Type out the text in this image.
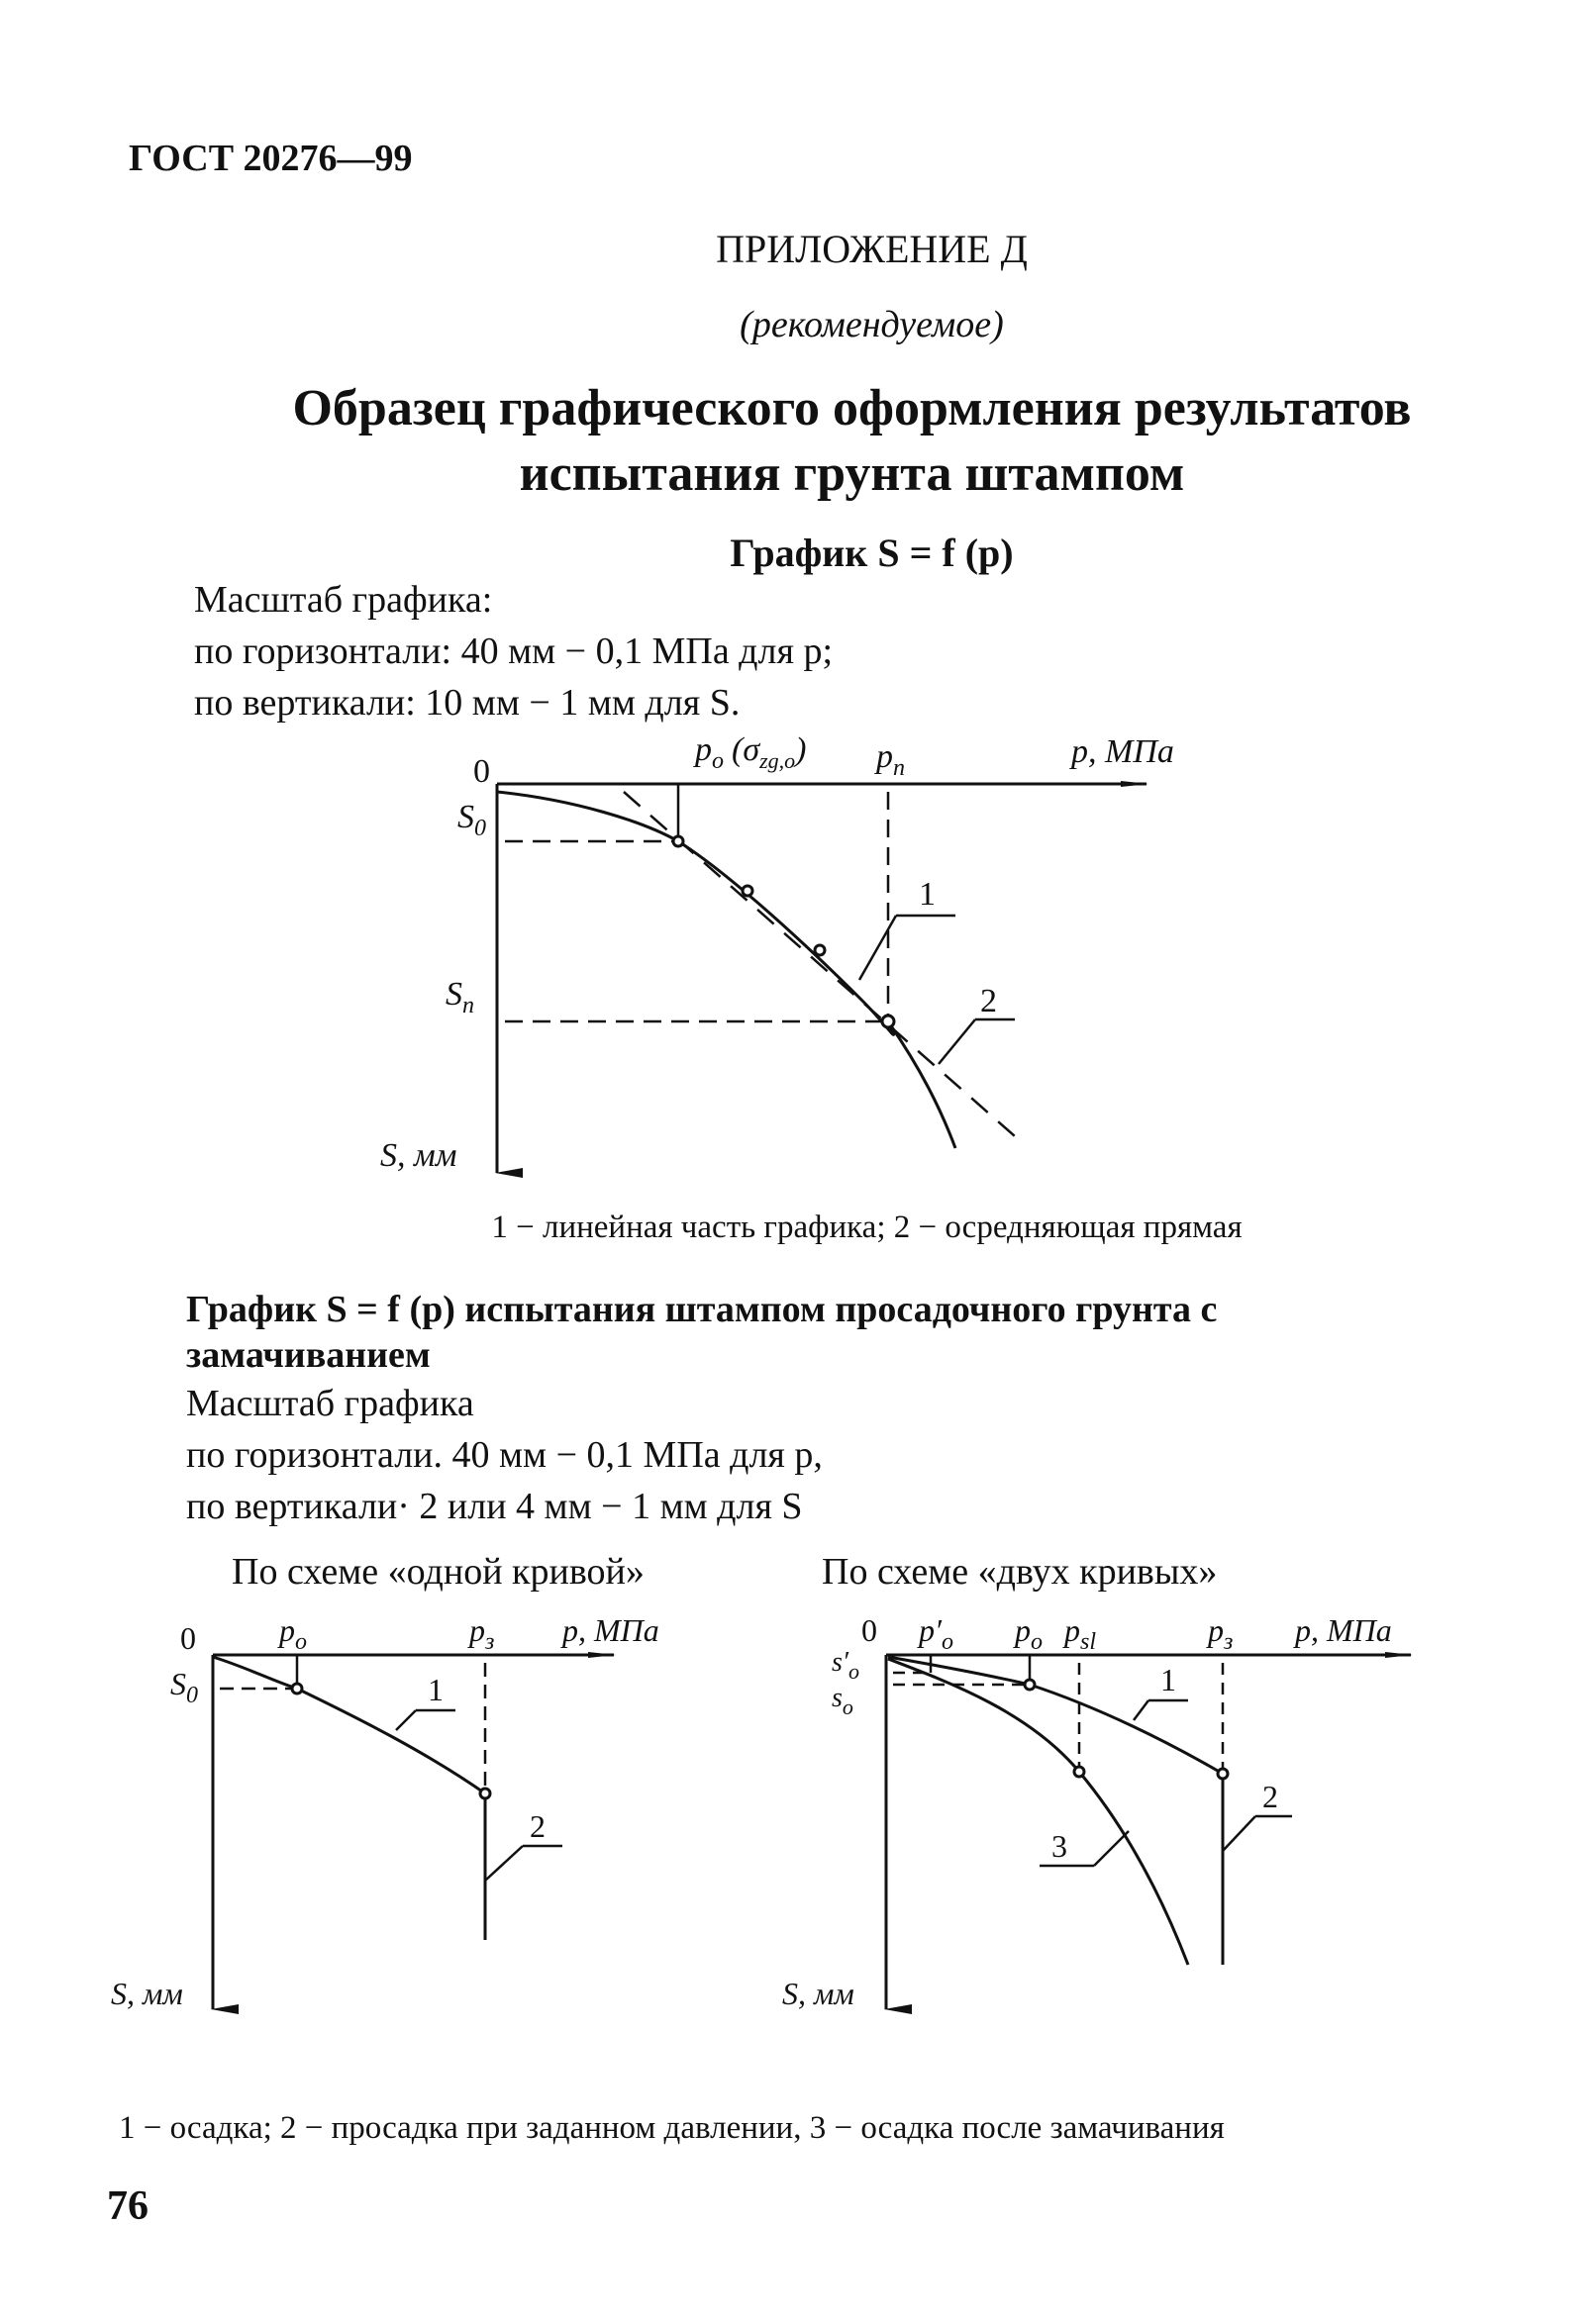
ГОСТ 20276—99
ПРИЛОЖЕНИЕ Д
(рекомендуемое)
Образец графического оформления результатов
испытания грунта штампом
График S = f (p)
Масштаб графика:
по горизонтали: 40 мм − 0,1 МПа для p;
по вертикали: 10 мм − 1 мм для S.
0
$p_o$ $(\sigma_{zg,o})$ $p_п$	p, МПа
$S_0$
$S_n$
S, мм
1
2
0	$p_o$	$p_з$ p, МПа
$S_0$
S, мм
1
2
0 $p'_o$ $p_o$ $p_{sl}$	$p_з$ p, МПа
$s'_o$
$s_o$
S, мм
1
2
3
1 − линейная часть графика; 2 − осредняющая прямая
График S = f (p) испытания штампом просадочного грунта с
замачиванием
Масштаб графика
по горизонтали. 40 мм − 0,1 МПа для p,
по вертикали· 2 или 4 мм − 1 мм для S
По схеме «одной кривой»	По схеме «двух кривых»
1 − осадка; 2 − просадка при заданном давлении, 3 − осадка после замачивания
76
